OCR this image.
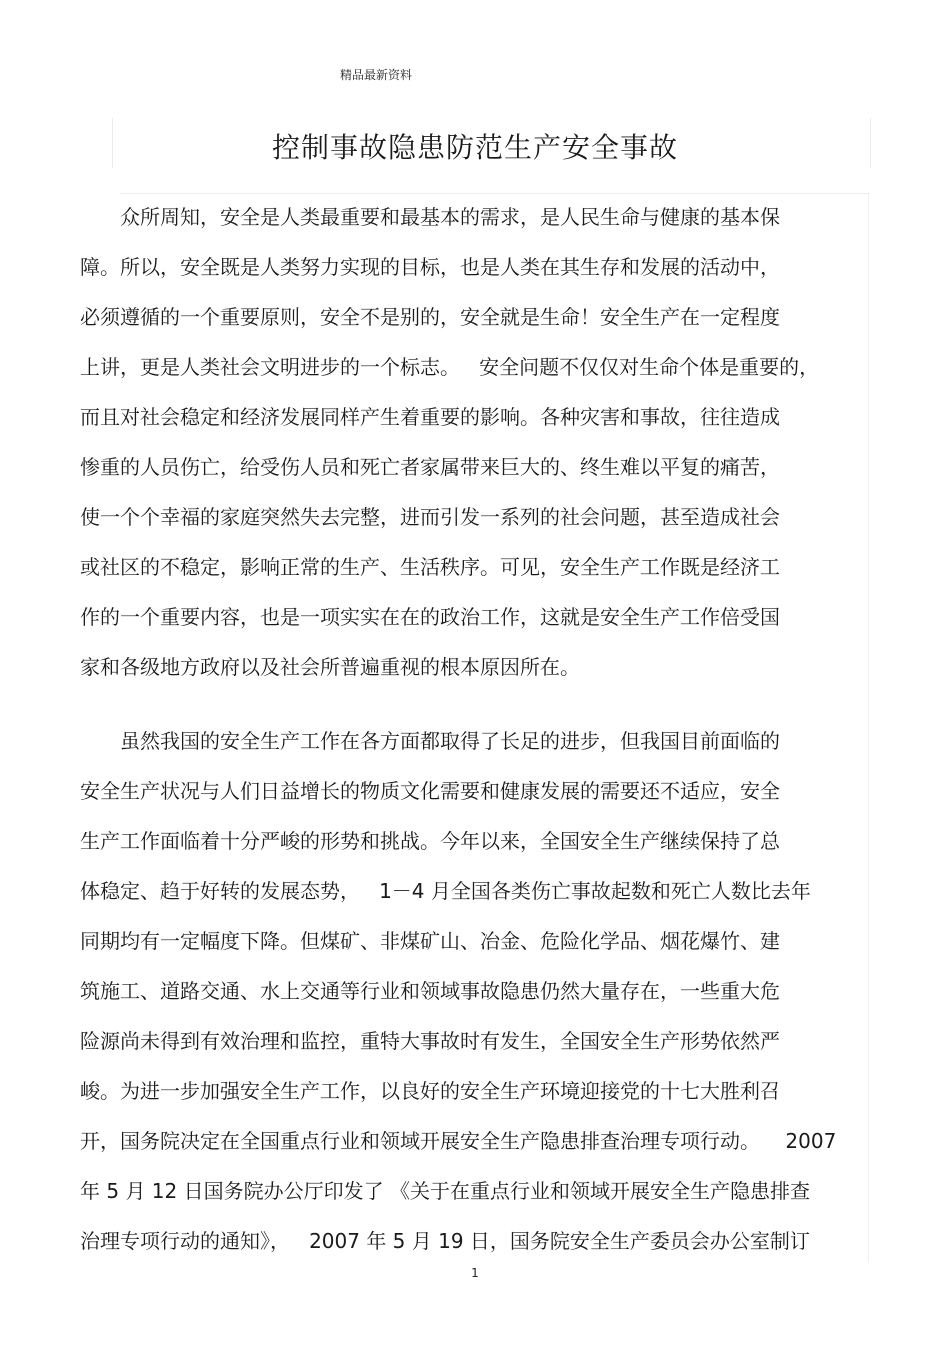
精品最新资料
控制事故隐患防范生产安全事故
众所周知，安全是人类最重要和最基本的需求，是人民生命与健康的基本保
障。所以，安全既是人类努力实现的目标，也是人类在其生存和发展的活动中，
必须遵循的一个重要原则，安全不是别的，安全就是生命！安全生产在一定程度
上讲，更是人类社会文明进步的一个标志。   安全问题不仅仅对生命个体是重要的，
而且对社会稳定和经济发展同样产生着重要的影响。各种灾害和事故，往往造成
惨重的人员伤亡，给受伤人员和死亡者家属带来巨大的、终生难以平复的痛苦，
使一个个幸福的家庭突然失去完整，进而引发一系列的社会问题，甚至造成社会
或社区的不稳定，影响正常的生产、生活秩序。可见，安全生产工作既是经济工
作的一个重要内容，也是一项实实在在的政治工作，这就是安全生产工作倍受国
家和各级地方政府以及社会所普遍重视的根本原因所在。
虽然我国的安全生产工作在各方面都取得了长足的进步，但我国目前面临的
安全生产状况与人们日益增长的物质文化需要和健康发展的需要还不适应，安全
生产工作面临着十分严峻的形势和挑战。今年以来，全国安全生产继续保持了总
体稳定、趋于好转的发展态势，   1－4 月全国各类伤亡事故起数和死亡人数比去年
同期均有一定幅度下降。但煤矿、非煤矿山、冶金、危险化学品、烟花爆竹、建
筑施工、道路交通、水上交通等行业和领域事故隐患仍然大量存在，一些重大危
险源尚未得到有效治理和监控，重特大事故时有发生，全国安全生产形势依然严
峻。为进一步加强安全生产工作，以良好的安全生产环境迎接党的十七大胜利召
开，国务院决定在全国重点行业和领域开展安全生产隐患排查治理专项行动。    2007
年 5 月 12 日国务院办公厅印发了 《关于在重点行业和领域开展安全生产隐患排查
治理专项行动的通知》，   2007 年 5 月 19 日，国务院安全生产委员会办公室制订
1
